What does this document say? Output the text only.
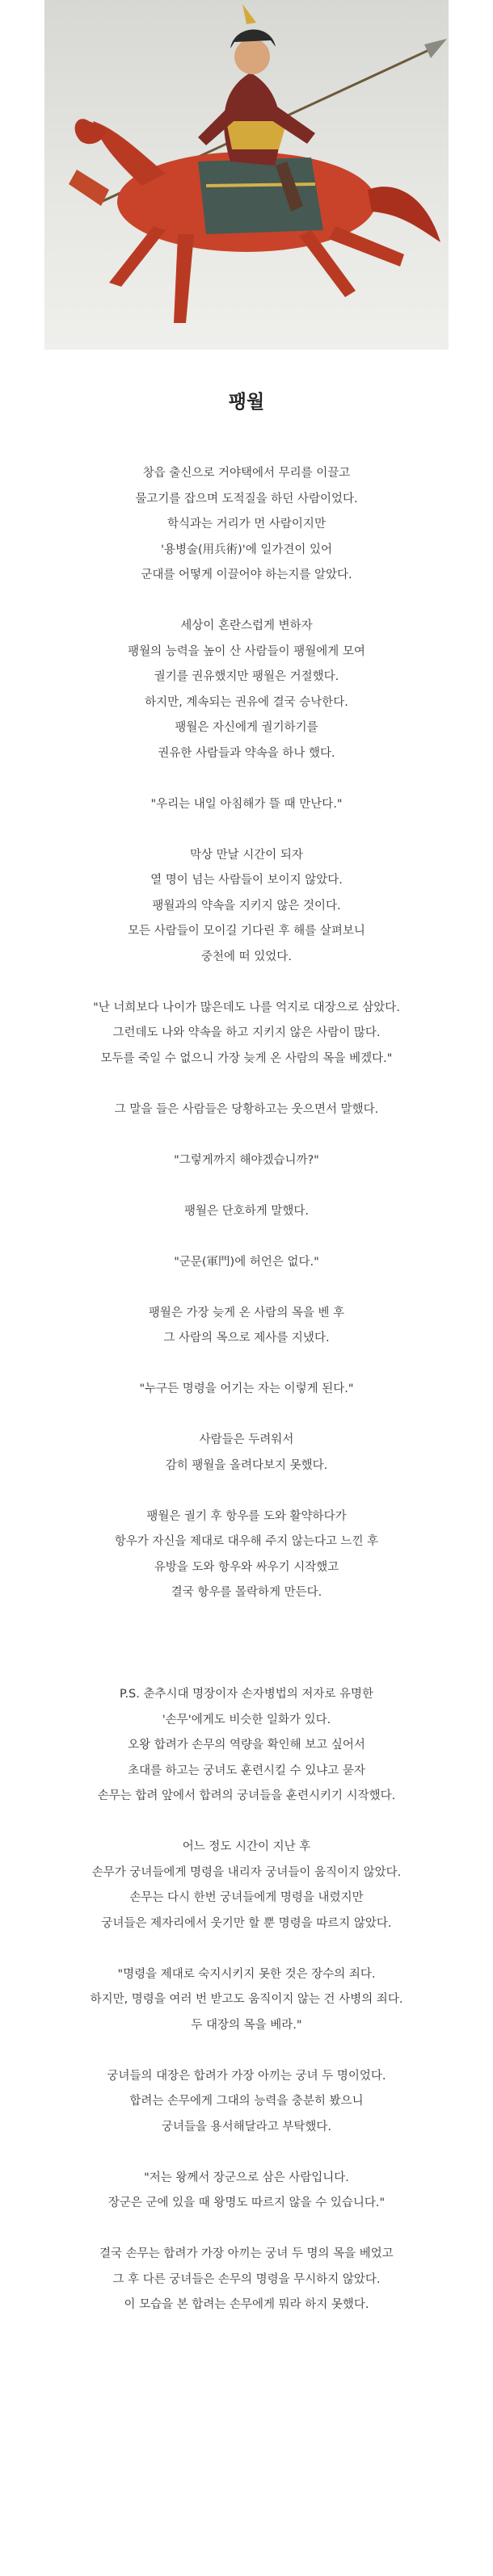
팽월
창읍 출신으로 거야택에서 무리를 이끌고
물고기를 잡으며 도적질을 하던 사람이었다.
학식과는 거리가 먼 사람이지만
'용병술(用兵術)'에 일가견이 있어
군대를 어떻게 이끌어야 하는지를 알았다.
세상이 혼란스럽게 변하자
팽월의 능력을 높이 산 사람들이 팽월에게 모여
궐기를 권유했지만 팽월은 거절했다.
하지만, 계속되는 권유에 결국 승낙한다.
팽월은 자신에게 궐기하기를
권유한 사람들과 약속을 하나 했다.
"우리는 내일 아침해가 뜰 때 만난다."
막상 만날 시간이 되자
열 명이 넘는 사람들이 보이지 않았다.
팽월과의 약속을 지키지 않은 것이다.
모든 사람들이 모이길 기다린 후 해를 살펴보니
중천에 떠 있었다.
"난 너희보다 나이가 많은데도 나를 억지로 대장으로 삼았다.
그런데도 나와 약속을 하고 지키지 않은 사람이 많다.
모두를 죽일 수 없으니 가장 늦게 온 사람의 목을 베겠다."
그 말을 들은 사람들은 당황하고는 웃으면서 말했다.
"그렇게까지 해야겠습니까?"
팽월은 단호하게 말했다.
"군문(軍門)에 허언은 없다."
팽월은 가장 늦게 온 사람의 목을 벤 후
그 사람의 목으로 제사를 지냈다.
"누구든 명령을 어기는 자는 이렇게 된다."
사람들은 두려워서
감히 팽월을 올려다보지 못했다.
팽월은 궐기 후 항우를 도와 활약하다가
항우가 자신을 제대로 대우해 주지 않는다고 느낀 후
유방을 도와 항우와 싸우기 시작했고
결국 항우를 몰락하게 만든다.

P.S. 춘추시대 명장이자 손자병법의 저자로 유명한
'손무'에게도 비슷한 일화가 있다.
오왕 합려가 손무의 역량을 확인해 보고 싶어서
초대를 하고는 궁녀도 훈련시킬 수 있냐고 묻자
손무는 합려 앞에서 합려의 궁녀들을 훈련시키기 시작했다.
어느 정도 시간이 지난 후
손무가 궁녀들에게 명령을 내리자 궁녀들이 움직이지 않았다.
손무는 다시 한번 궁녀들에게 명령을 내렸지만
궁녀들은 제자리에서 웃기만 할 뿐 명령을 따르지 않았다.
"명령을 제대로 숙지시키지 못한 것은 장수의 죄다.
하지만, 명령을 여러 번 받고도 움직이지 않는 건 사병의 죄다.
두 대장의 목을 베라."
궁녀들의 대장은 합려가 가장 아끼는 궁녀 두 명이었다.
합려는 손무에게 그대의 능력을 충분히 봤으니
궁녀들을 용서해달라고 부탁했다.
"저는 왕께서 장군으로 삼은 사람입니다.
장군은 군에 있을 때 왕명도 따르지 않을 수 있습니다."
결국 손무는 합려가 가장 아끼는 궁녀 두 명의 목을 베었고
그 후 다른 궁녀들은 손무의 명령을 무시하지 않았다.
이 모습을 본 합려는 손무에게 뭐라 하지 못했다.
